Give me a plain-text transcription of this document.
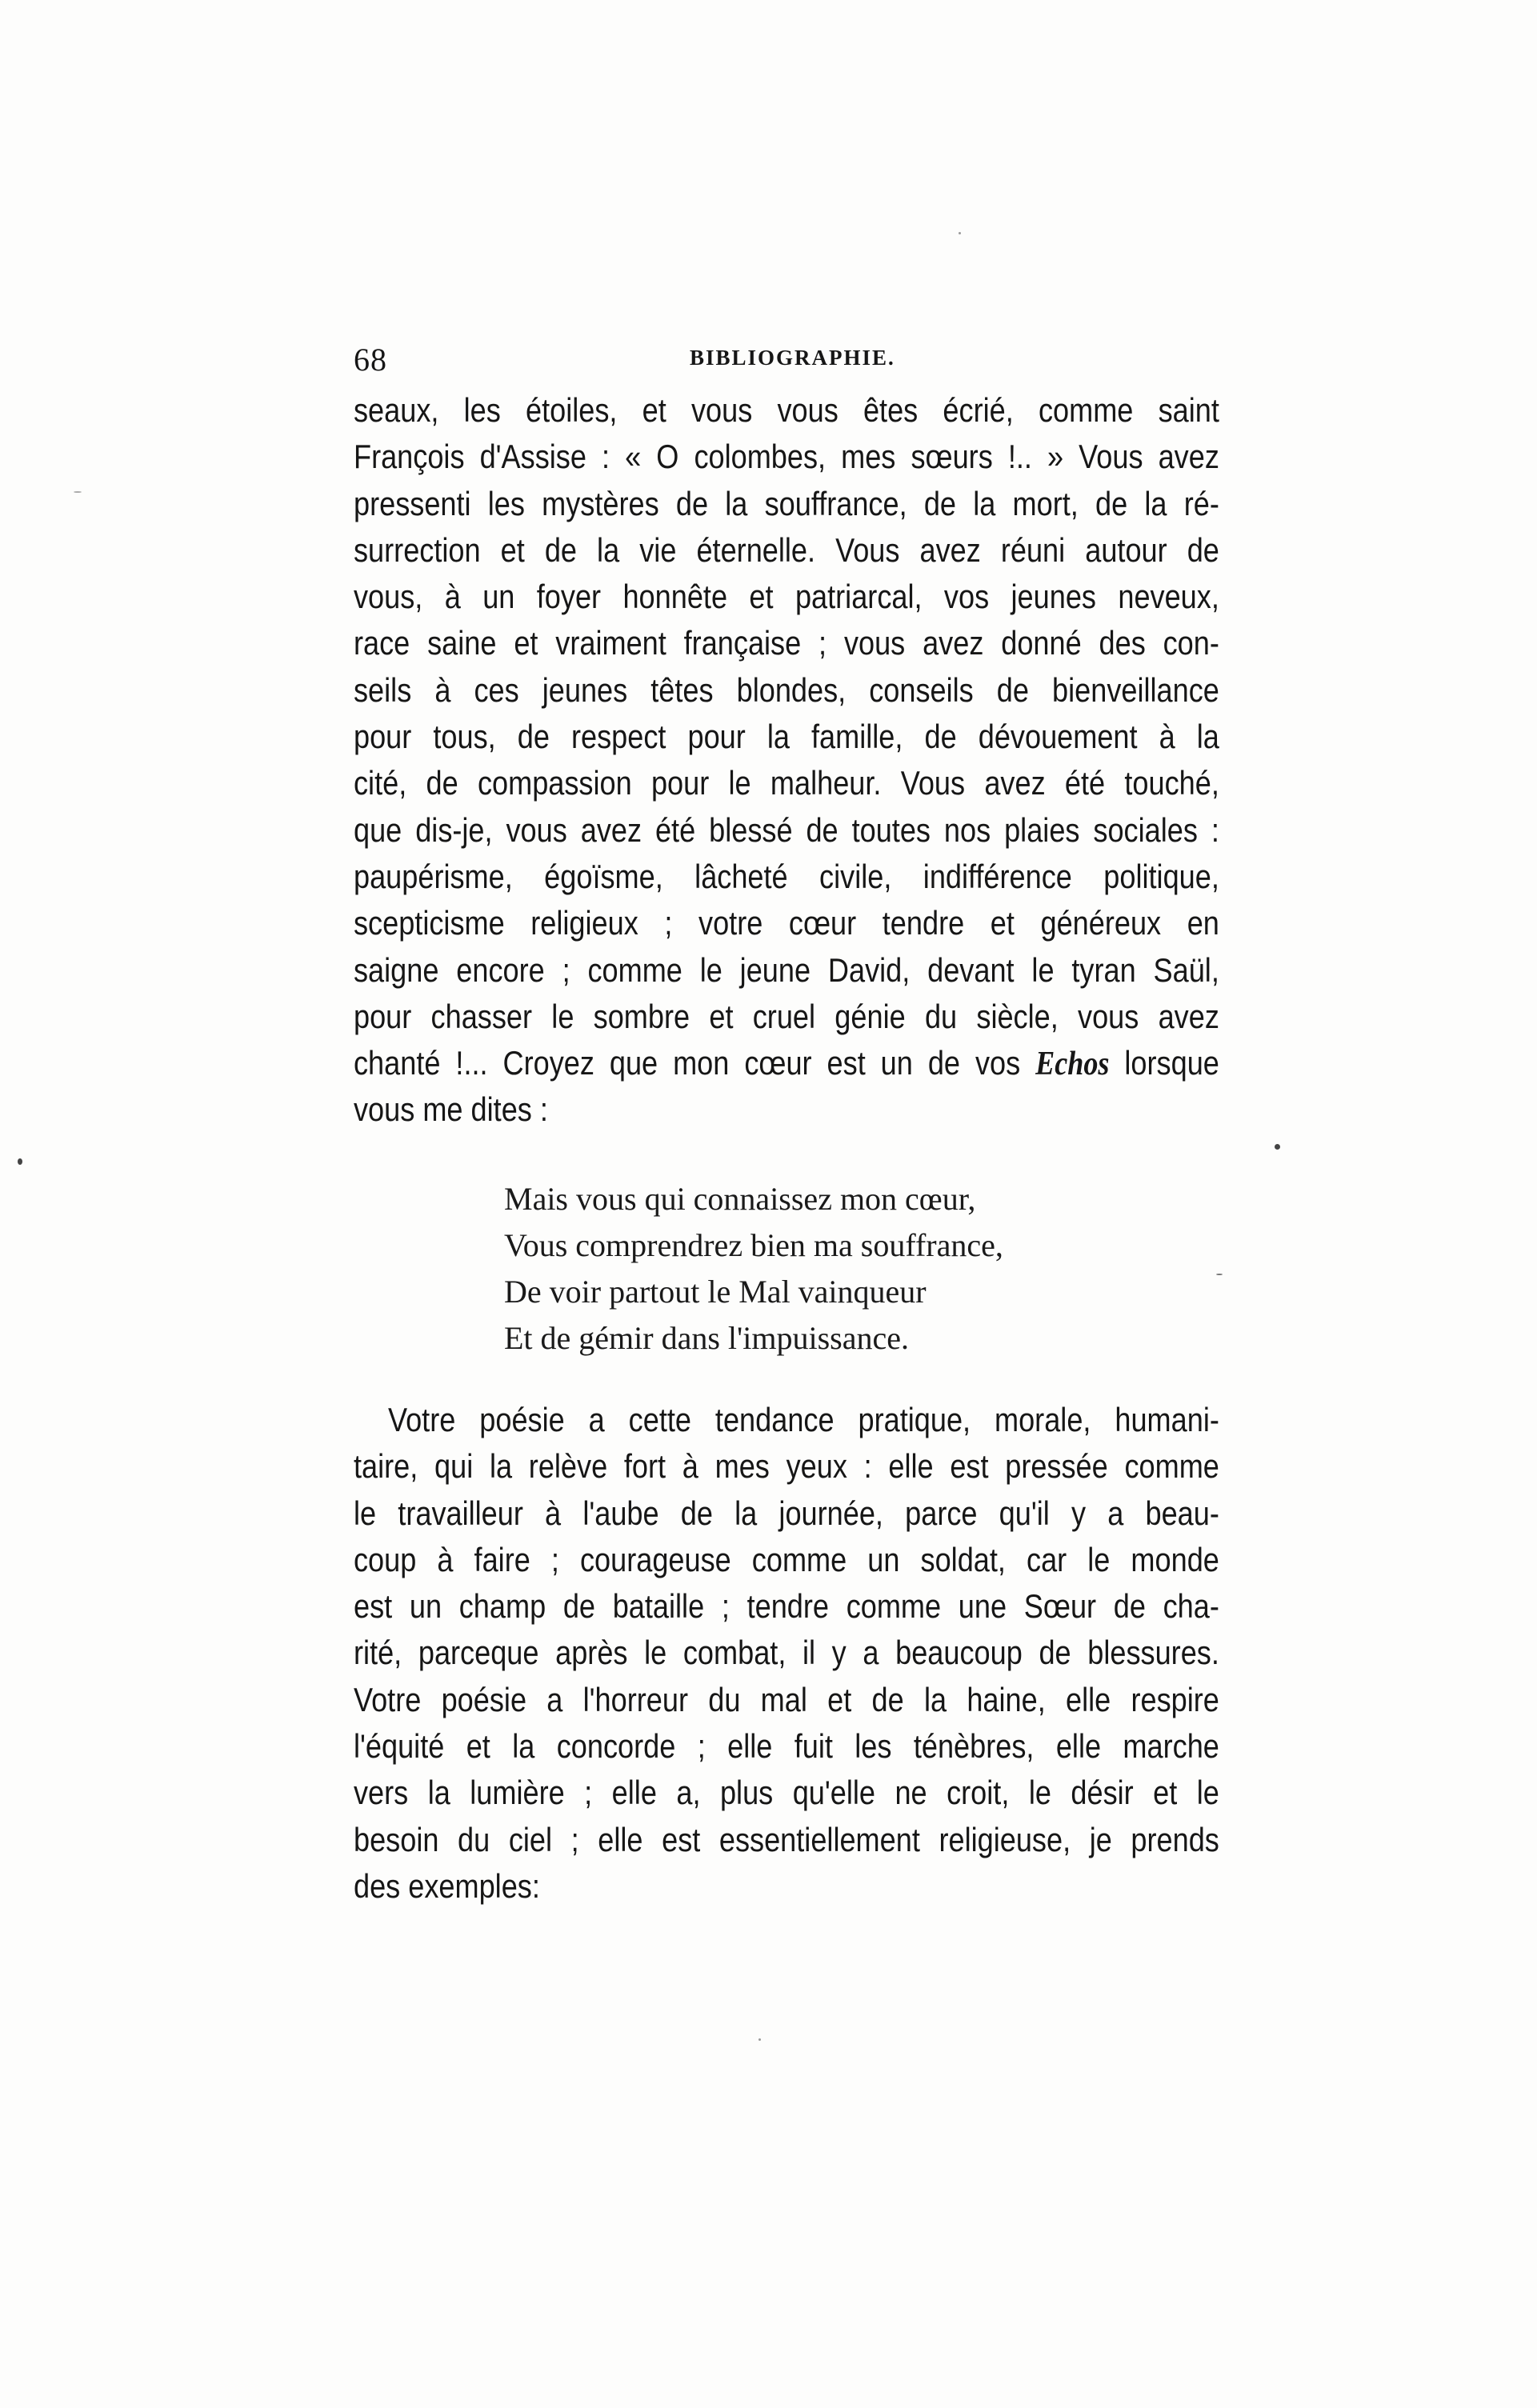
68	BIBLIOGRAPHIE.
seaux, les étoiles, et vous vous êtes écrié, comme saint
François d'Assise : « O colombes, mes sœurs !.. » Vous avez
pressenti les mystères de la souffrance, de la mort, de la ré-
surrection et de la vie éternelle. Vous avez réuni autour de
vous, à un foyer honnête et patriarcal, vos jeunes neveux,
race saine et vraiment française ; vous avez donné des con-
seils à ces jeunes têtes blondes, conseils de bienveillance
pour tous, de respect pour la famille, de dévouement à la
cité, de compassion pour le malheur. Vous avez été touché,
que dis-je, vous avez été blessé de toutes nos plaies sociales :
paupérisme, égoïsme, lâcheté civile, indifférence politique,
scepticisme religieux ; votre cœur tendre et généreux en
saigne encore ; comme le jeune David, devant le tyran Saül,
pour chasser le sombre et cruel génie du siècle, vous avez
chanté !... Croyez que mon cœur est un de vos Echos lorsque
vous me dites :
Mais vous qui connaissez mon cœur,
Vous comprendrez bien ma souffrance,
De voir partout le Mal vainqueur
Et de gémir dans l'impuissance.
Votre poésie a cette tendance pratique, morale, humani-
taire, qui la relève fort à mes yeux : elle est pressée comme
le travailleur à l'aube de la journée, parce qu'il y a beau-
coup à faire ; courageuse comme un soldat, car le monde
est un champ de bataille ; tendre comme une Sœur de cha-
rité, parceque après le combat, il y a beaucoup de blessures.
Votre poésie a l'horreur du mal et de la haine, elle respire
l'équité et la concorde ; elle fuit les ténèbres, elle marche
vers la lumière ; elle a, plus qu'elle ne croit, le désir et le
besoin du ciel ; elle est essentiellement religieuse, je prends
des exemples:
